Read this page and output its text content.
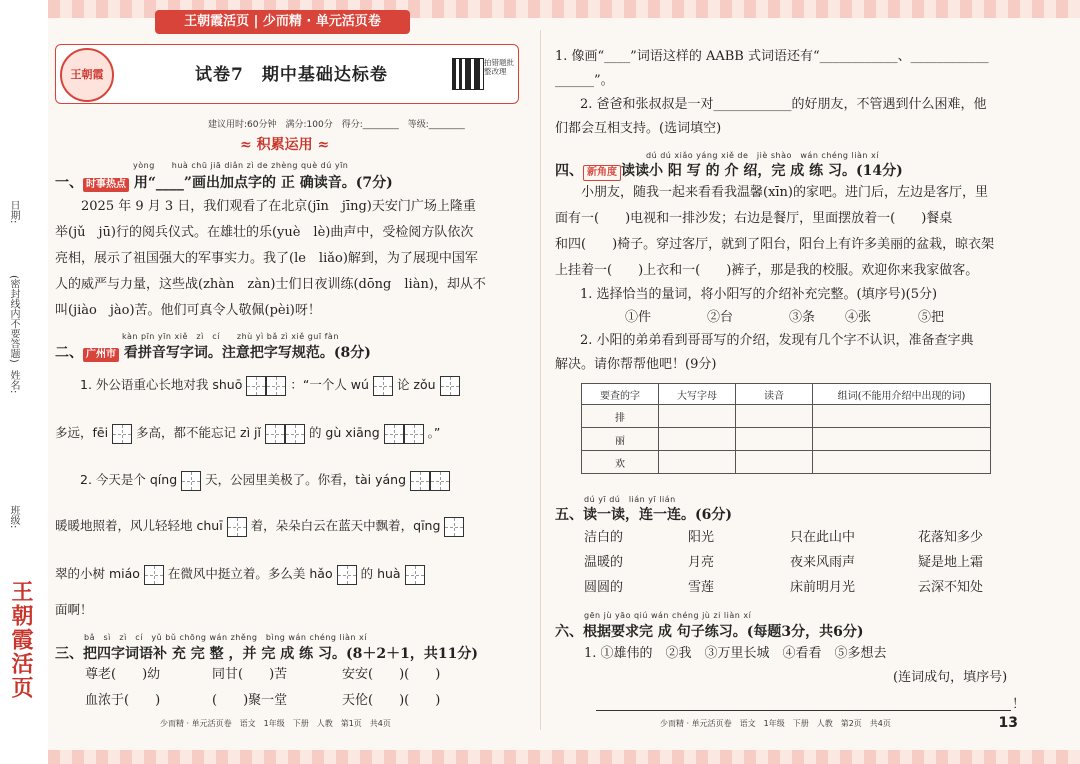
日期:
(密封线内不要答题)
姓名:
班级:
王朝霞活页
王朝霞活页 | 少而精 · 单元活页卷
王朝霞	试卷7　期中基础达标卷
拍错题批整改理
建议用时:60分钟　满分:100分　得分:________　等级:________
≈ 积累运用 ≈
yòng　　huà chū jiā diǎn zì de zhèng què dú yīn
一、 时事热点 用“____”画出加点字的 正 确读音。(7分)
　　2025 年 9 月 3 日，我们观看了在北京(jīn　jīng)天安门广场上隆重
举(jǔ　jū)行的阅兵仪式。在雄壮的乐(yuè　lè)曲声中，受检阅方队依次
亮相，展示了祖国强大的军事实力。我了(le　liǎo)解到，为了展现中国军
人的威严与力量，这些战(zhàn　zàn)士们日夜训练(dōng　liàn)，却从不
叫(jiào　jào)苦。他们可真令人敬佩(pèi)呀！
kàn pīn yīn xiě　zì　cí　　zhù yì bǎ zì xiě guī fàn
二、 广州市 看拼音写字词。注意把字写规范。(8分)
1. 外公语重心长地对我 shuō	：“一个人 wú 论 zǒu
多远，fēi 多高，都不能忘记 zì jǐ	的 gù xiāng	。”
2. 今天是个 qíng 天，公园里美极了。你看，tài yáng
暖暖地照着，风儿轻轻地 chuī 着，朵朵白云在蓝天中飘着，qīng
翠的小树 miáo 在微风中挺立着。多么美 hǎo 的 huà
面啊！
bǎ　sì　zì　cí　yǔ bǔ chōng wán zhěng　bìng wán chéng liàn xí
三、把四字词语补 充 完 整 ，并 完 成 练 习。(8＋2＋1，共11分)
尊老(　　)幼	同甘(　　)苦	安安(　　)(　　)
血浓于(　　)	(　　)聚一堂	天伦(　　)(　　)
少而精 · 单元活页卷　语文　1年级　下册　人教　第1页　共4页
1. 像画“____”词语这样的 AABB 式词语还有“____________、____________
______”。
2. 爸爸和张叔叔是一对____________的好朋友，不管遇到什么困难，他
们都会互相支持。(选词填空)
dú dú xiǎo yáng xiě de　jiè shào　wán chéng liàn xí
四、 新角度 读读小 阳 写 的 介 绍，完 成 练 习。(14分)
　　小朋友，随我一起来看看我温馨(xīn)的家吧。进门后，左边是客厅，里
面有一(　　)电视和一排沙发；右边是餐厅，里面摆放着一(　　)餐桌
和四(　　)椅子。穿过客厅，就到了阳台，阳台上有许多美丽的盆栽，晾衣架
上挂着一(　　)上衣和一(　　)裤子，那是我的校服。欢迎你来我家做客。
1. 选择恰当的量词，将小阳写的介绍补充完整。(填序号)(5分)
①件	②台	③条 ④张	⑤把
2. 小阳的弟弟看到哥哥写的介绍，发现有几个字不认识，准备查字典
解决。请你帮帮他吧！(9分)
要查的字	大写字母	读音	组词(不能用介绍中出现的词)
排			
丽			
欢			
dú yī dú　lián yī lián
五、读一读，连一连。(6分)
洁白的	阳光	只在此山中	花落知多少
温暖的	月亮	夜来风雨声	疑是地上霜
圆圆的	雪莲	床前明月光	云深不知处
gēn jù yāo qiú wán chéng jù zi liàn xí
六、根据要求完 成 句子练习。(每题3分，共6分)
1. ①雄伟的　②我　③万里长城　④看看　⑤多想去
(连词成句，填序号)
！
少而精 · 单元活页卷　语文　1年级　下册　人教　第2页　共4页	13
